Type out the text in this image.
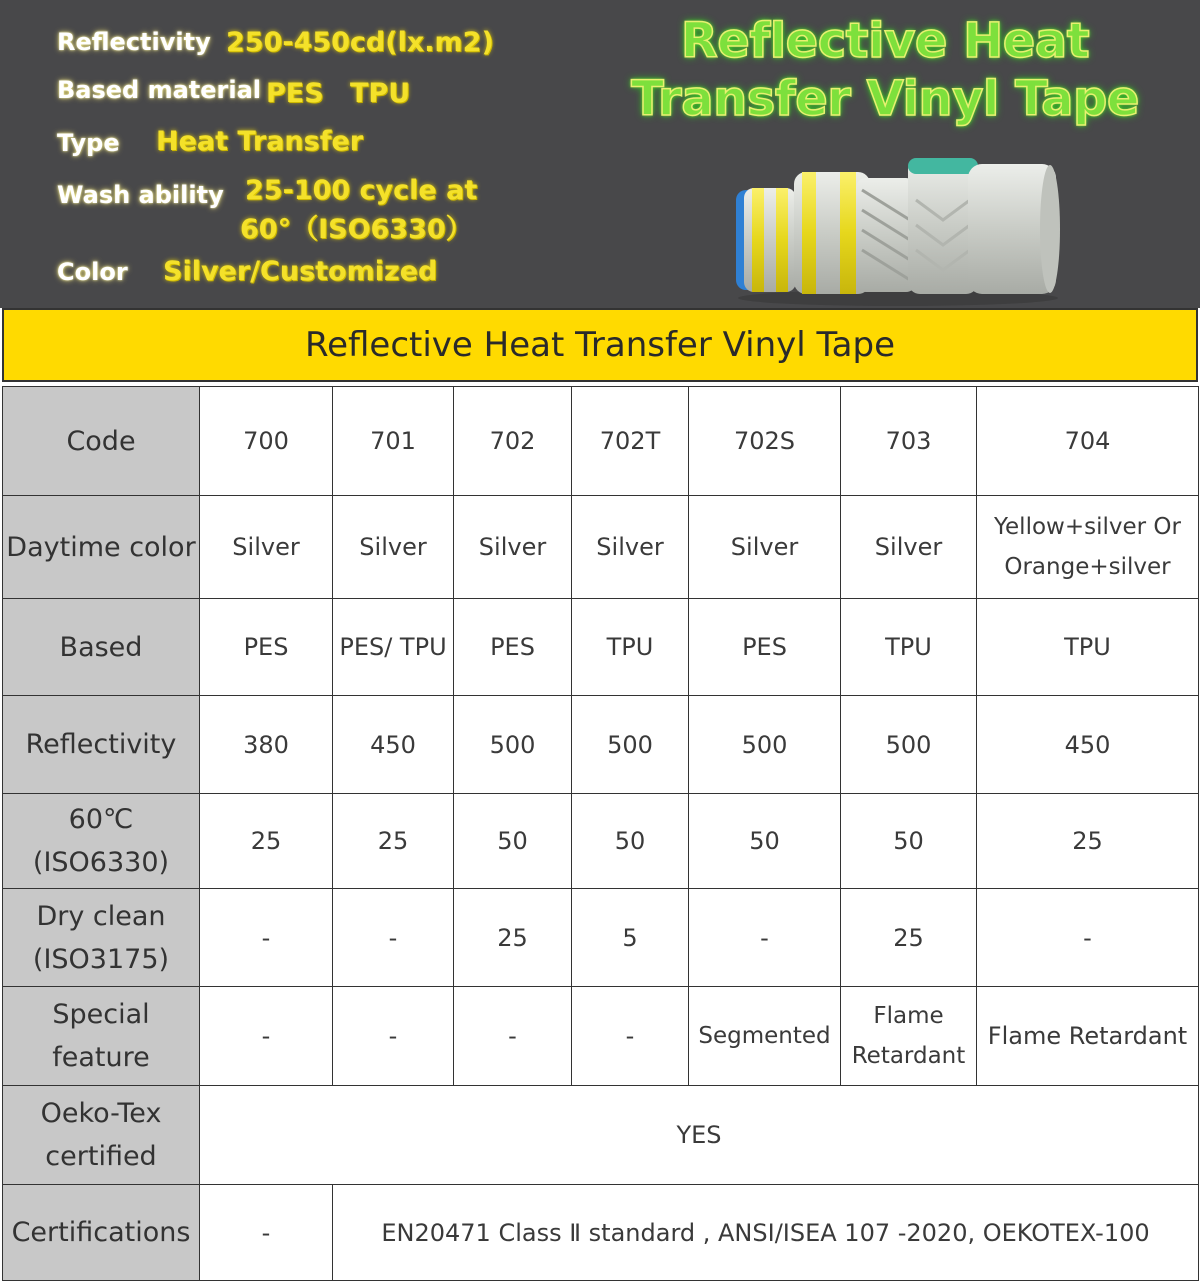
Reflectivity 250-450cd(lx.m2)
Based material PES TPU
Type Heat Transfer
Wash ability 25-100 cycle at
60°（ISO6330）
Color Silver/Customized
Reflective Heat
Transfer Vinyl Tape
Reflective Heat Transfer Vinyl Tape
Code	700	701	702	702T	702S	703	704
Daytime color	Silver	Silver	Silver	Silver	Silver	Silver	Yellow+silver Or Orange+silver
Based	PES	PES/ TPU	PES	TPU	PES	TPU	TPU
Reflectivity	380	450	500	500	500	500	450
60℃ (ISO6330)	25	25	50	50	50	50	25
Dry clean (ISO3175)	-	-	25	5	-	25	-
Special feature	-	-	-	-	Segmented	Flame Retardant	Flame Retardant
Oeko-Tex certified	YES						
Certifications	-	EN20471 Class Ⅱ standard , ANSI/ISEA 107 -2020, OEKOTEX-100					
